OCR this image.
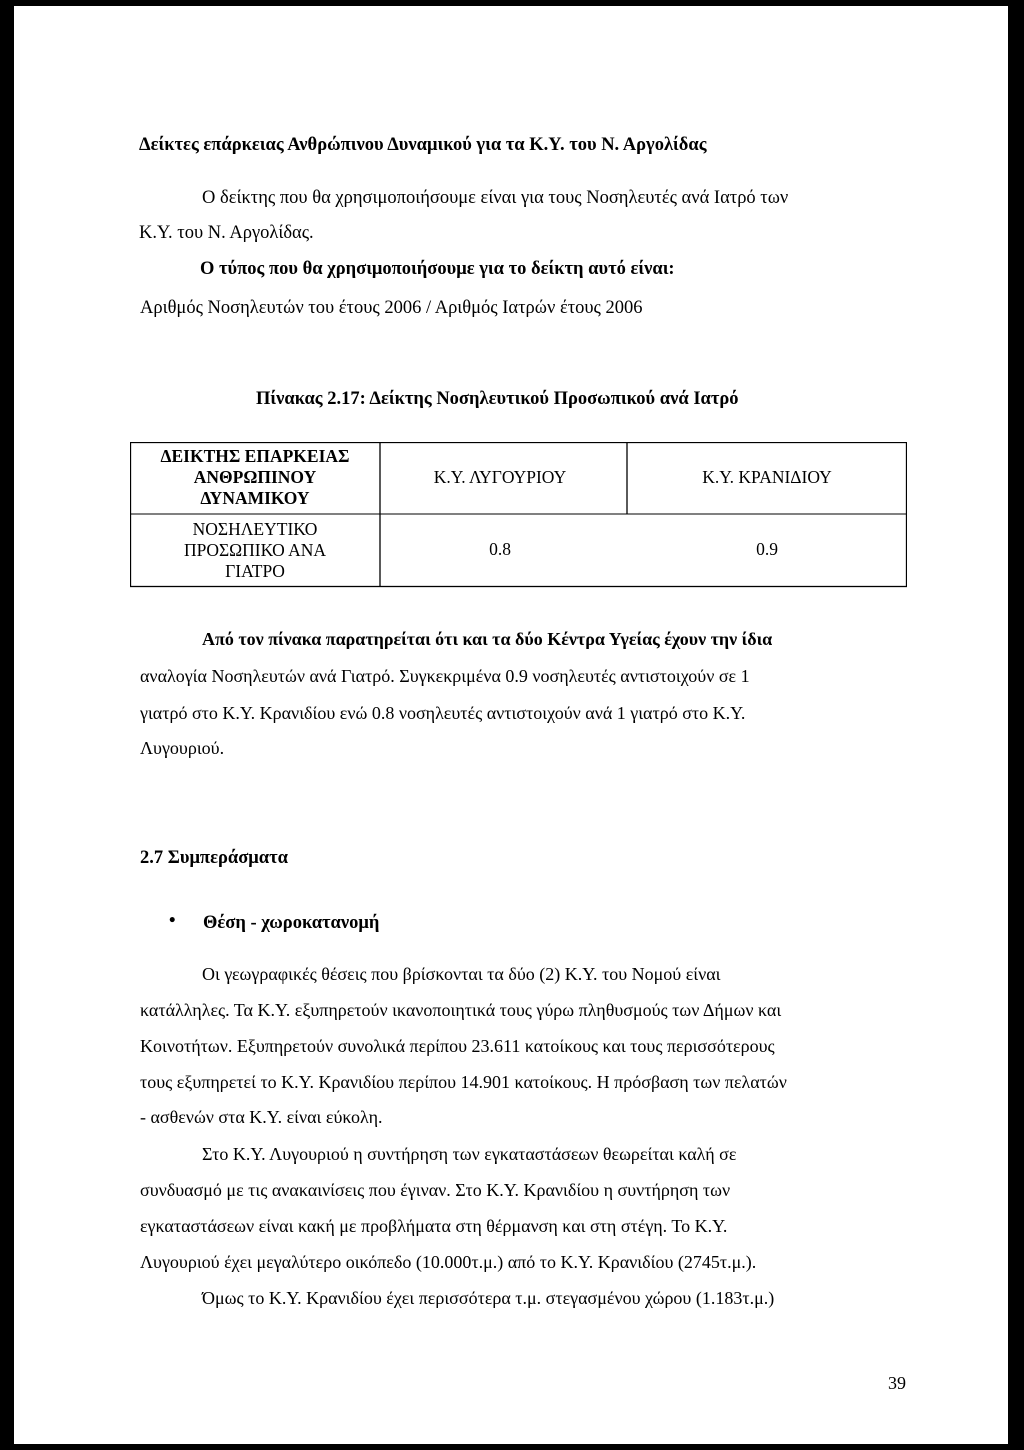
Δείκτες επάρκειας Ανθρώπινου Δυναμικού για τα Κ.Υ. του Ν. Αργολίδας
Ο δείκτης που θα χρησιμοποιήσουμε είναι για τους Νοσηλευτές ανά Ιατρό των
Κ.Υ. του Ν. Αργολίδας.
Ο τύπος που θα χρησιμοποιήσουμε για το δείκτη αυτό είναι:
Αριθμός Νοσηλευτών του έτους 2006 / Αριθμός Ιατρών έτους 2006
Πίνακας 2.17: Δείκτης Νοσηλευτικού Προσωπικού ανά Ιατρό
ΔΕΙΚΤΗΣ ΕΠΑΡΚΕΙΑΣ
ΑΝΘΡΩΠΙΝΟΥ
ΔΥΝΑΜΙΚΟΥ
ΝΟΣΗΛΕΥΤΙΚΟ
ΠΡΟΣΩΠΙΚΟ ΑΝΑ
ΓΙΑΤΡΟ
Κ.Υ. ΛΥΓΟΥΡΙΟΥ	Κ.Υ. ΚΡΑΝΙΔΙΟΥ
0.8	0.9
Από τον πίνακα παρατηρείται ότι και τα δύο Κέντρα Υγείας έχουν την ίδια
αναλογία Νοσηλευτών ανά Γιατρό. Συγκεκριμένα 0.9 νοσηλευτές αντιστοιχούν σε 1
γιατρό στο Κ.Υ. Κρανιδίου ενώ 0.8 νοσηλευτές αντιστοιχούν ανά 1 γιατρό στο Κ.Υ.
Λυγουριού.
2.7 Συμπεράσματα
• Θέση - χωροκατανομή
Οι γεωγραφικές θέσεις που βρίσκονται τα δύο (2) Κ.Υ. του Νομού είναι
κατάλληλες. Τα Κ.Υ. εξυπηρετούν ικανοποιητικά τους γύρω πληθυσμούς των Δήμων και
Κοινοτήτων. Εξυπηρετούν συνολικά περίπου 23.611 κατοίκους και τους περισσότερους
τους εξυπηρετεί το Κ.Υ. Κρανιδίου περίπου 14.901 κατοίκους. Η πρόσβαση των πελατών
- ασθενών στα Κ.Υ. είναι εύκολη.
Στο Κ.Υ. Λυγουριού η συντήρηση των εγκαταστάσεων θεωρείται καλή σε
συνδυασμό με τις ανακαινίσεις που έγιναν. Στο Κ.Υ. Κρανιδίου η συντήρηση των
εγκαταστάσεων είναι κακή με προβλήματα στη θέρμανση και στη στέγη. Το Κ.Υ.
Λυγουριού έχει μεγαλύτερο οικόπεδο (10.000τ.μ.) από το Κ.Υ. Κρανιδίου (2745τ.μ.).
Όμως το Κ.Υ. Κρανιδίου έχει περισσότερα τ.μ. στεγασμένου χώρου (1.183τ.μ.)
39
